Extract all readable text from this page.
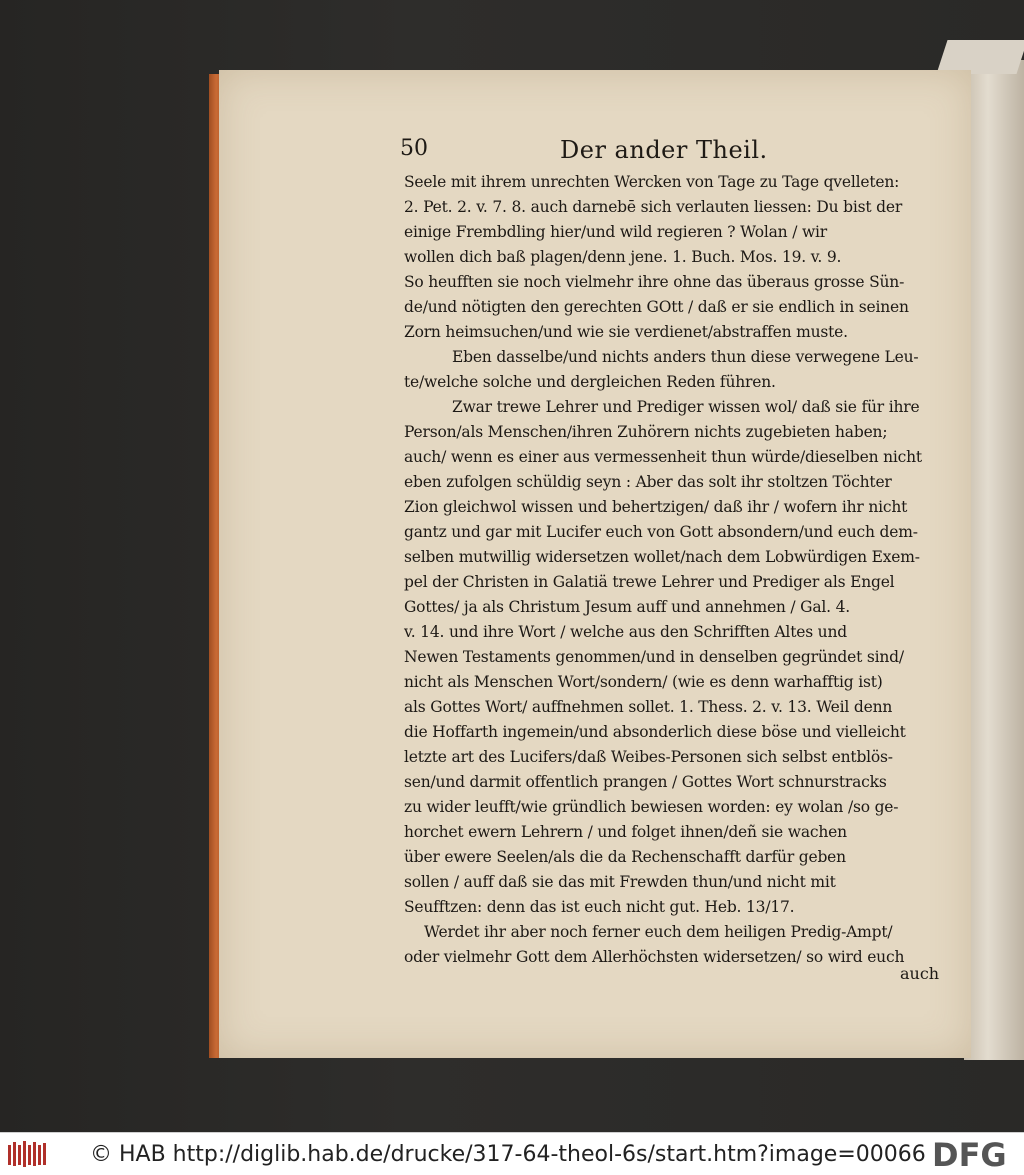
50	Der ander Theil.
Seele mit ihrem unrechten Wercken von Tage zu Tage qvelleten:
2. Pet. 2. v. 7. 8. auch darnebē sich verlauten liessen: Du bist der
einige Frembdling hier/und wild regieren ? Wolan / wir
wollen dich baß plagen/denn jene. 1. Buch. Mos. 19. v. 9.
So heufften sie noch vielmehr ihre ohne das überaus grosse Sün-
de/und nötigten den gerechten GOtt / daß er sie endlich in seinen
Zorn heimsuchen/und wie sie verdienet/abstraffen muste.
Eben dasselbe/und nichts anders thun diese verwegene Leu-
te/welche solche und dergleichen Reden führen.
Zwar trewe Lehrer und Prediger wissen wol/ daß sie für ihre
Person/als Menschen/ihren Zuhörern nichts zugebieten haben;
auch/ wenn es einer aus vermessenheit thun würde/dieselben nicht
eben zufolgen schüldig seyn : Aber das solt ihr stoltzen Töchter
Zion gleichwol wissen und behertzigen/ daß ihr / wofern ihr nicht
gantz und gar mit Lucifer euch von Gott absondern/und euch dem-
selben mutwillig widersetzen wollet/nach dem Lobwürdigen Exem-
pel der Christen in Galatiä trewe Lehrer und Prediger als Engel
Gottes/ ja als Christum Jesum auff und annehmen / Gal. 4.
v. 14. und ihre Wort / welche aus den Schrifften Altes und
Newen Testaments genommen/und in denselben gegründet sind/
nicht als Menschen Wort/sondern/ (wie es denn warhafftig ist)
als Gottes Wort/ auffnehmen sollet. 1. Thess. 2. v. 13. Weil denn
die Hoffarth ingemein/und absonderlich diese böse und vielleicht
letzte art des Lucifers/daß Weibes-Personen sich selbst entblös-
sen/und darmit offentlich prangen / Gottes Wort schnurstracks
zu wider leufft/wie gründlich bewiesen worden: ey wolan /so ge-
horchet ewern Lehrern / und folget ihnen/deñ sie wachen
über ewere Seelen/als die da Rechenschafft darfür geben
sollen / auff daß sie das mit Frewden thun/und nicht mit
Seufftzen: denn das ist euch nicht gut. Heb. 13/17.
Werdet ihr aber noch ferner euch dem heiligen Predig-Ampt/
oder vielmehr Gott dem Allerhöchsten widersetzen/ so wird euch
auch
© HAB http://diglib.hab.de/drucke/317-64-theol-6s/start.htm?image=00066 DFG
